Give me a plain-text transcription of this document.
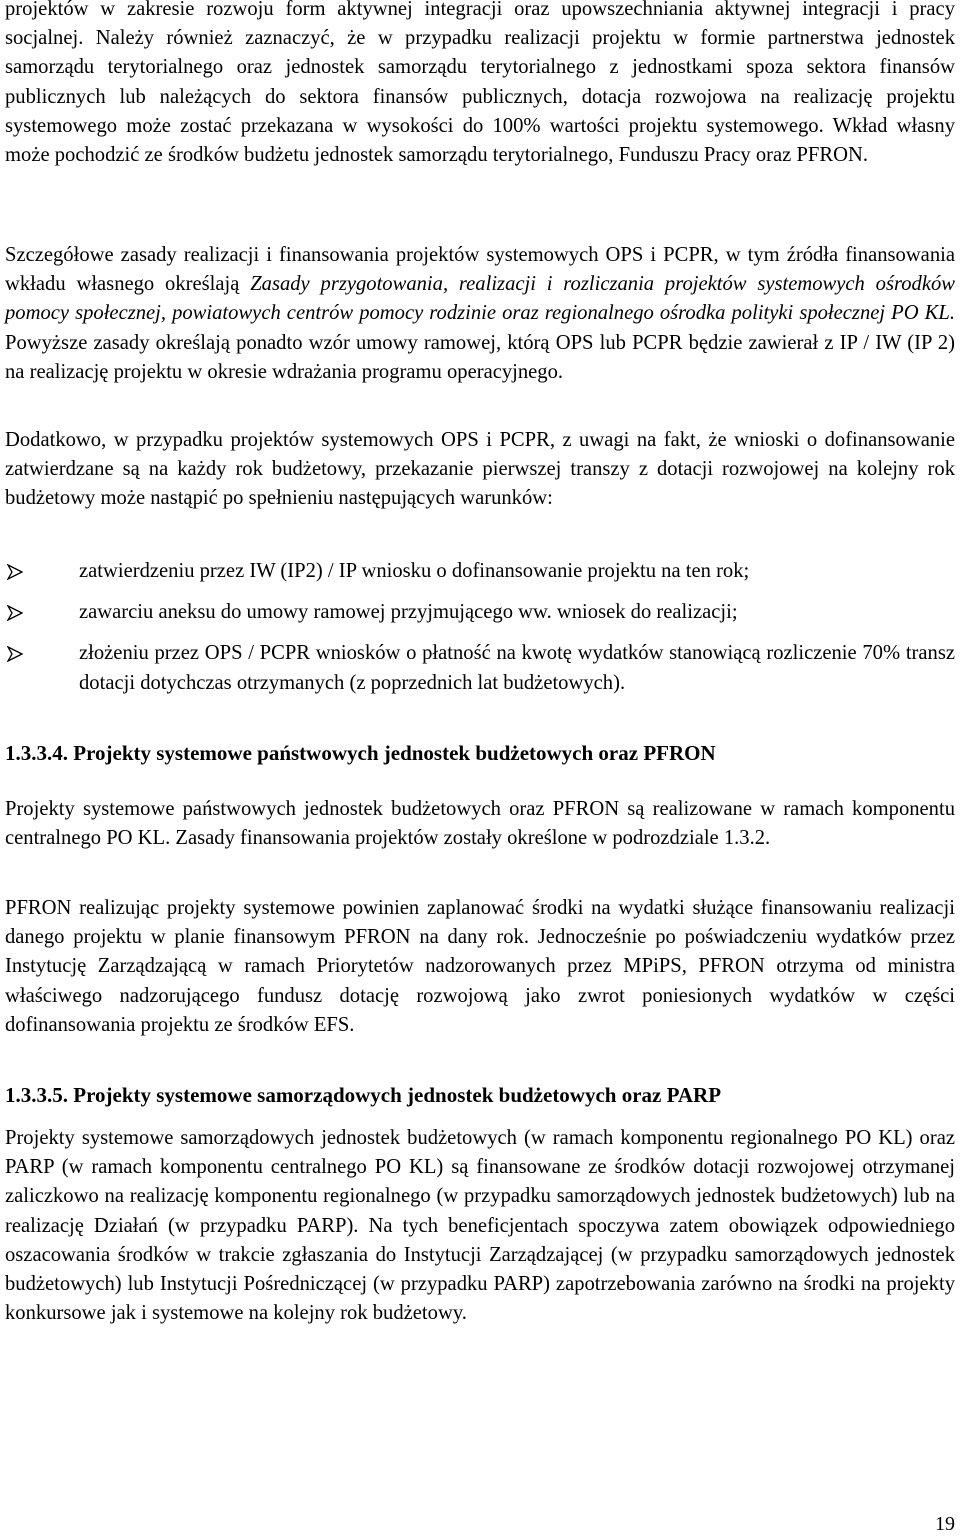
projektów w zakresie rozwoju form aktywnej integracji oraz upowszechniania aktywnej integracji i pracy socjalnej. Należy również zaznaczyć, że w przypadku realizacji projektu w formie partnerstwa jednostek samorządu terytorialnego oraz jednostek samorządu terytorialnego z jednostkami spoza sektora finansów publicznych lub należących do sektora finansów publicznych, dotacja rozwojowa na realizację projektu systemowego może zostać przekazana w wysokości do 100% wartości projektu systemowego. Wkład własny może pochodzić ze środków budżetu jednostek samorządu terytorialnego, Funduszu Pracy oraz PFRON.

Szczegółowe zasady realizacji i finansowania projektów systemowych OPS i PCPR, w tym źródła finansowania wkładu własnego określają Zasady przygotowania, realizacji i rozliczania projektów systemowych ośrodków pomocy społecznej, powiatowych centrów pomocy rodzinie oraz regionalnego ośrodka polityki społecznej PO KL. Powyższe zasady określają ponadto wzór umowy ramowej, którą OPS lub PCPR będzie zawierał z IP / IW (IP 2) na realizację projektu w okresie wdrażania programu operacyjnego.

Dodatkowo, w przypadku projektów systemowych OPS i PCPR, z uwagi na fakt, że wnioski o dofinansowanie zatwierdzane są na każdy rok budżetowy, przekazanie pierwszej transzy z dotacji rozwojowej na kolejny rok budżetowy może nastąpić po spełnieniu następujących warunków:

zatwierdzeniu przez IW (IP2) / IP wniosku o dofinansowanie projektu na ten rok;
zawarciu aneksu do umowy ramowej przyjmującego ww. wniosek do realizacji;
złożeniu przez OPS / PCPR wniosków o płatność na kwotę wydatków stanowiącą rozliczenie 70% transz dotacji dotychczas otrzymanych (z poprzednich lat budżetowych).
1.3.3.4. Projekty systemowe państwowych jednostek budżetowych oraz PFRON

Projekty systemowe państwowych jednostek budżetowych oraz PFRON są realizowane w ramach komponentu centralnego PO KL. Zasady finansowania projektów zostały określone w podrozdziale 1.3.2.

PFRON realizując projekty systemowe powinien zaplanować środki na wydatki służące finansowaniu realizacji danego projektu w planie finansowym PFRON na dany rok. Jednocześnie po poświadczeniu wydatków przez Instytucję Zarządzającą w ramach Priorytetów nadzorowanych przez MPiPS, PFRON otrzyma od ministra właściwego nadzorującego fundusz dotację rozwojową jako zwrot poniesionych wydatków w części dofinansowania projektu ze środków EFS.

1.3.3.5. Projekty systemowe samorządowych jednostek budżetowych oraz PARP

Projekty systemowe samorządowych jednostek budżetowych (w ramach komponentu regionalnego PO KL) oraz PARP (w ramach komponentu centralnego PO KL) są finansowane ze środków dotacji rozwojowej otrzymanej zaliczkowo na realizację komponentu regionalnego (w przypadku samorządowych jednostek budżetowych) lub na realizację Działań (w przypadku PARP). Na tych beneficjentach spoczywa zatem obowiązek odpowiedniego oszacowania środków w trakcie zgłaszania do Instytucji Zarządzającej (w przypadku samorządowych jednostek budżetowych) lub Instytucji Pośredniczącej (w przypadku PARP) zapotrzebowania zarówno na środki na projekty konkursowe jak i systemowe na kolejny rok budżetowy.

19
